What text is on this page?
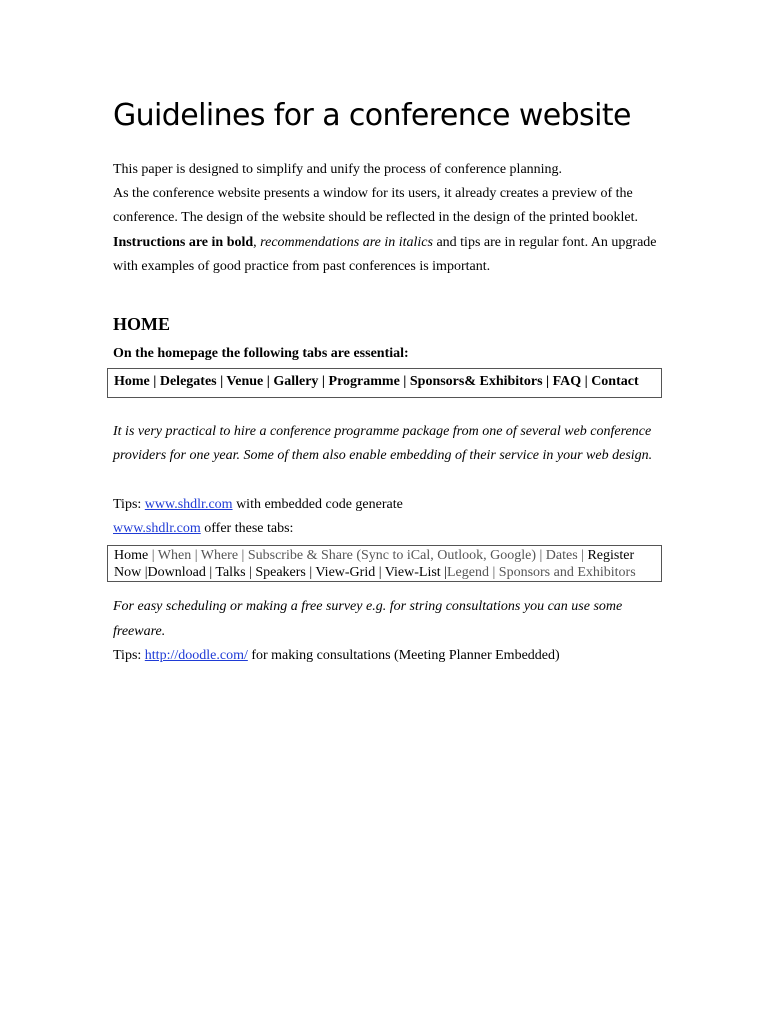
Guidelines for a conference website

This paper is designed to simplify and unify the process of conference planning.

As the conference website presents a window for its users, it already creates a preview of the

conference. The design of the website should be reflected in the design of the printed booklet.

Instructions are in bold, recommendations are in italics and tips are in regular font. An upgrade

with examples of good practice from past conferences is important.

HOME

On the homepage the following tabs are essential:

Home | Delegates | Venue | Gallery | Programme | Sponsors& Exhibitors | FAQ | Contact

It is very practical to hire a conference programme package from one of several web conference

providers for one year. Some of them also enable embedding of their service in your web design.

Tips: www.shdlr.com with embedded code generate

www.shdlr.com offer these tabs:

Home | When | Where | Subscribe & Share (Sync to iCal, Outlook, Google) | Dates | Register
Now |Download | Talks | Speakers | View-Grid | View-List |Legend | Sponsors and Exhibitors

For easy scheduling or making a free survey e.g. for string consultations you can use some

freeware.

Tips: http://doodle.com/ for making consultations (Meeting Planner Embedded)
